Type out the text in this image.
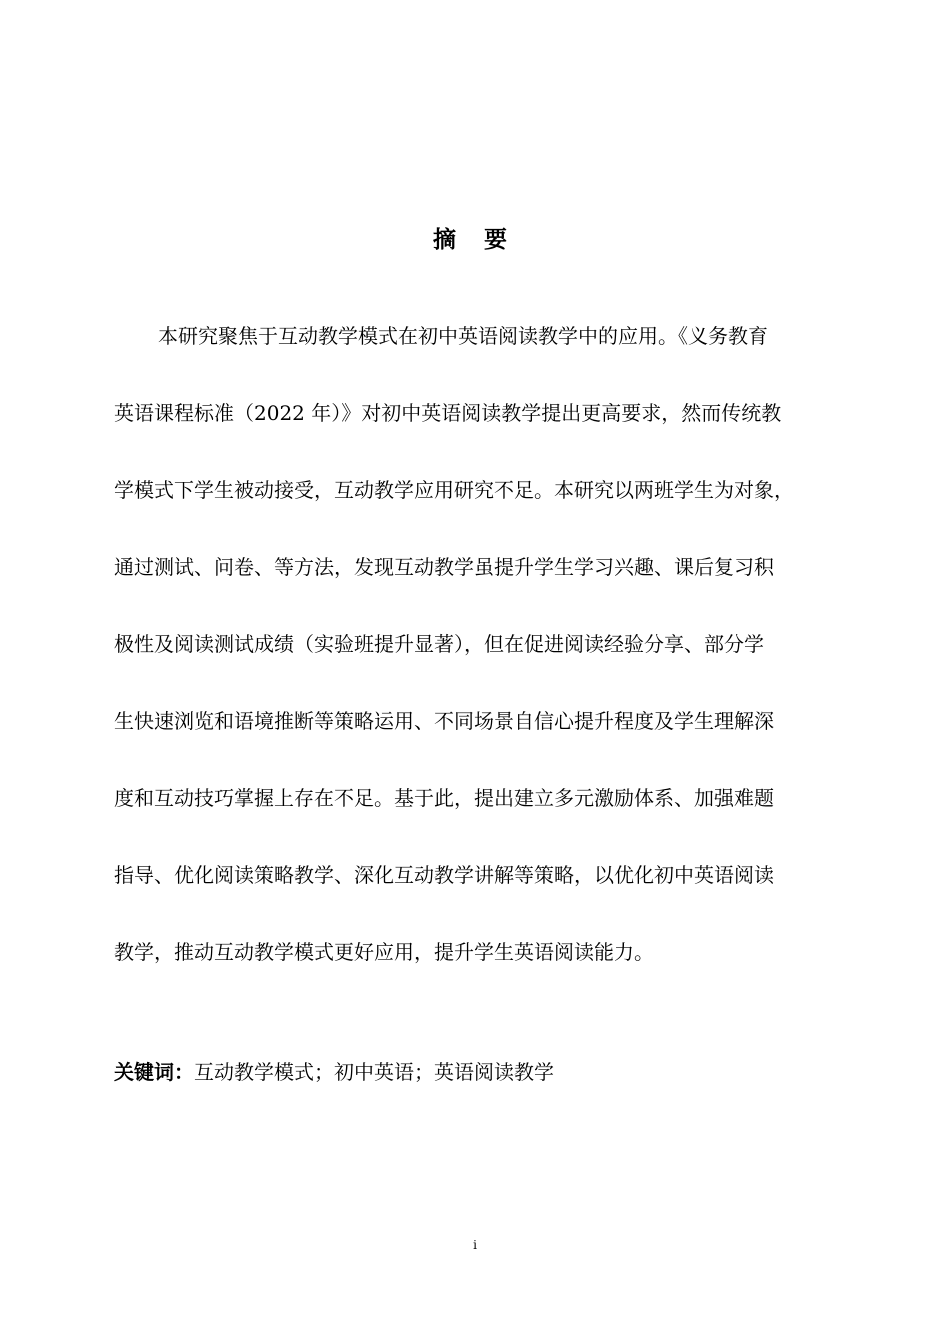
摘 要
本研究聚焦于互动教学模式在初中英语阅读教学中的应用。《义务教育
英语课程标准（2022 年）》对初中英语阅读教学提出更高要求，然而传统教
学模式下学生被动接受，互动教学应用研究不足。本研究以两班学生为对象，
通过测试、问卷、等方法，发现互动教学虽提升学生学习兴趣、课后复习积
极性及阅读测试成绩（实验班提升显著），但在促进阅读经验分享、部分学
生快速浏览和语境推断等策略运用、不同场景自信心提升程度及学生理解深
度和互动技巧掌握上存在不足。基于此，提出建立多元激励体系、加强难题
指导、优化阅读策略教学、深化互动教学讲解等策略，以优化初中英语阅读
教学，推动互动教学模式更好应用，提升学生英语阅读能力。
关键词：互动教学模式；初中英语；英语阅读教学
i
